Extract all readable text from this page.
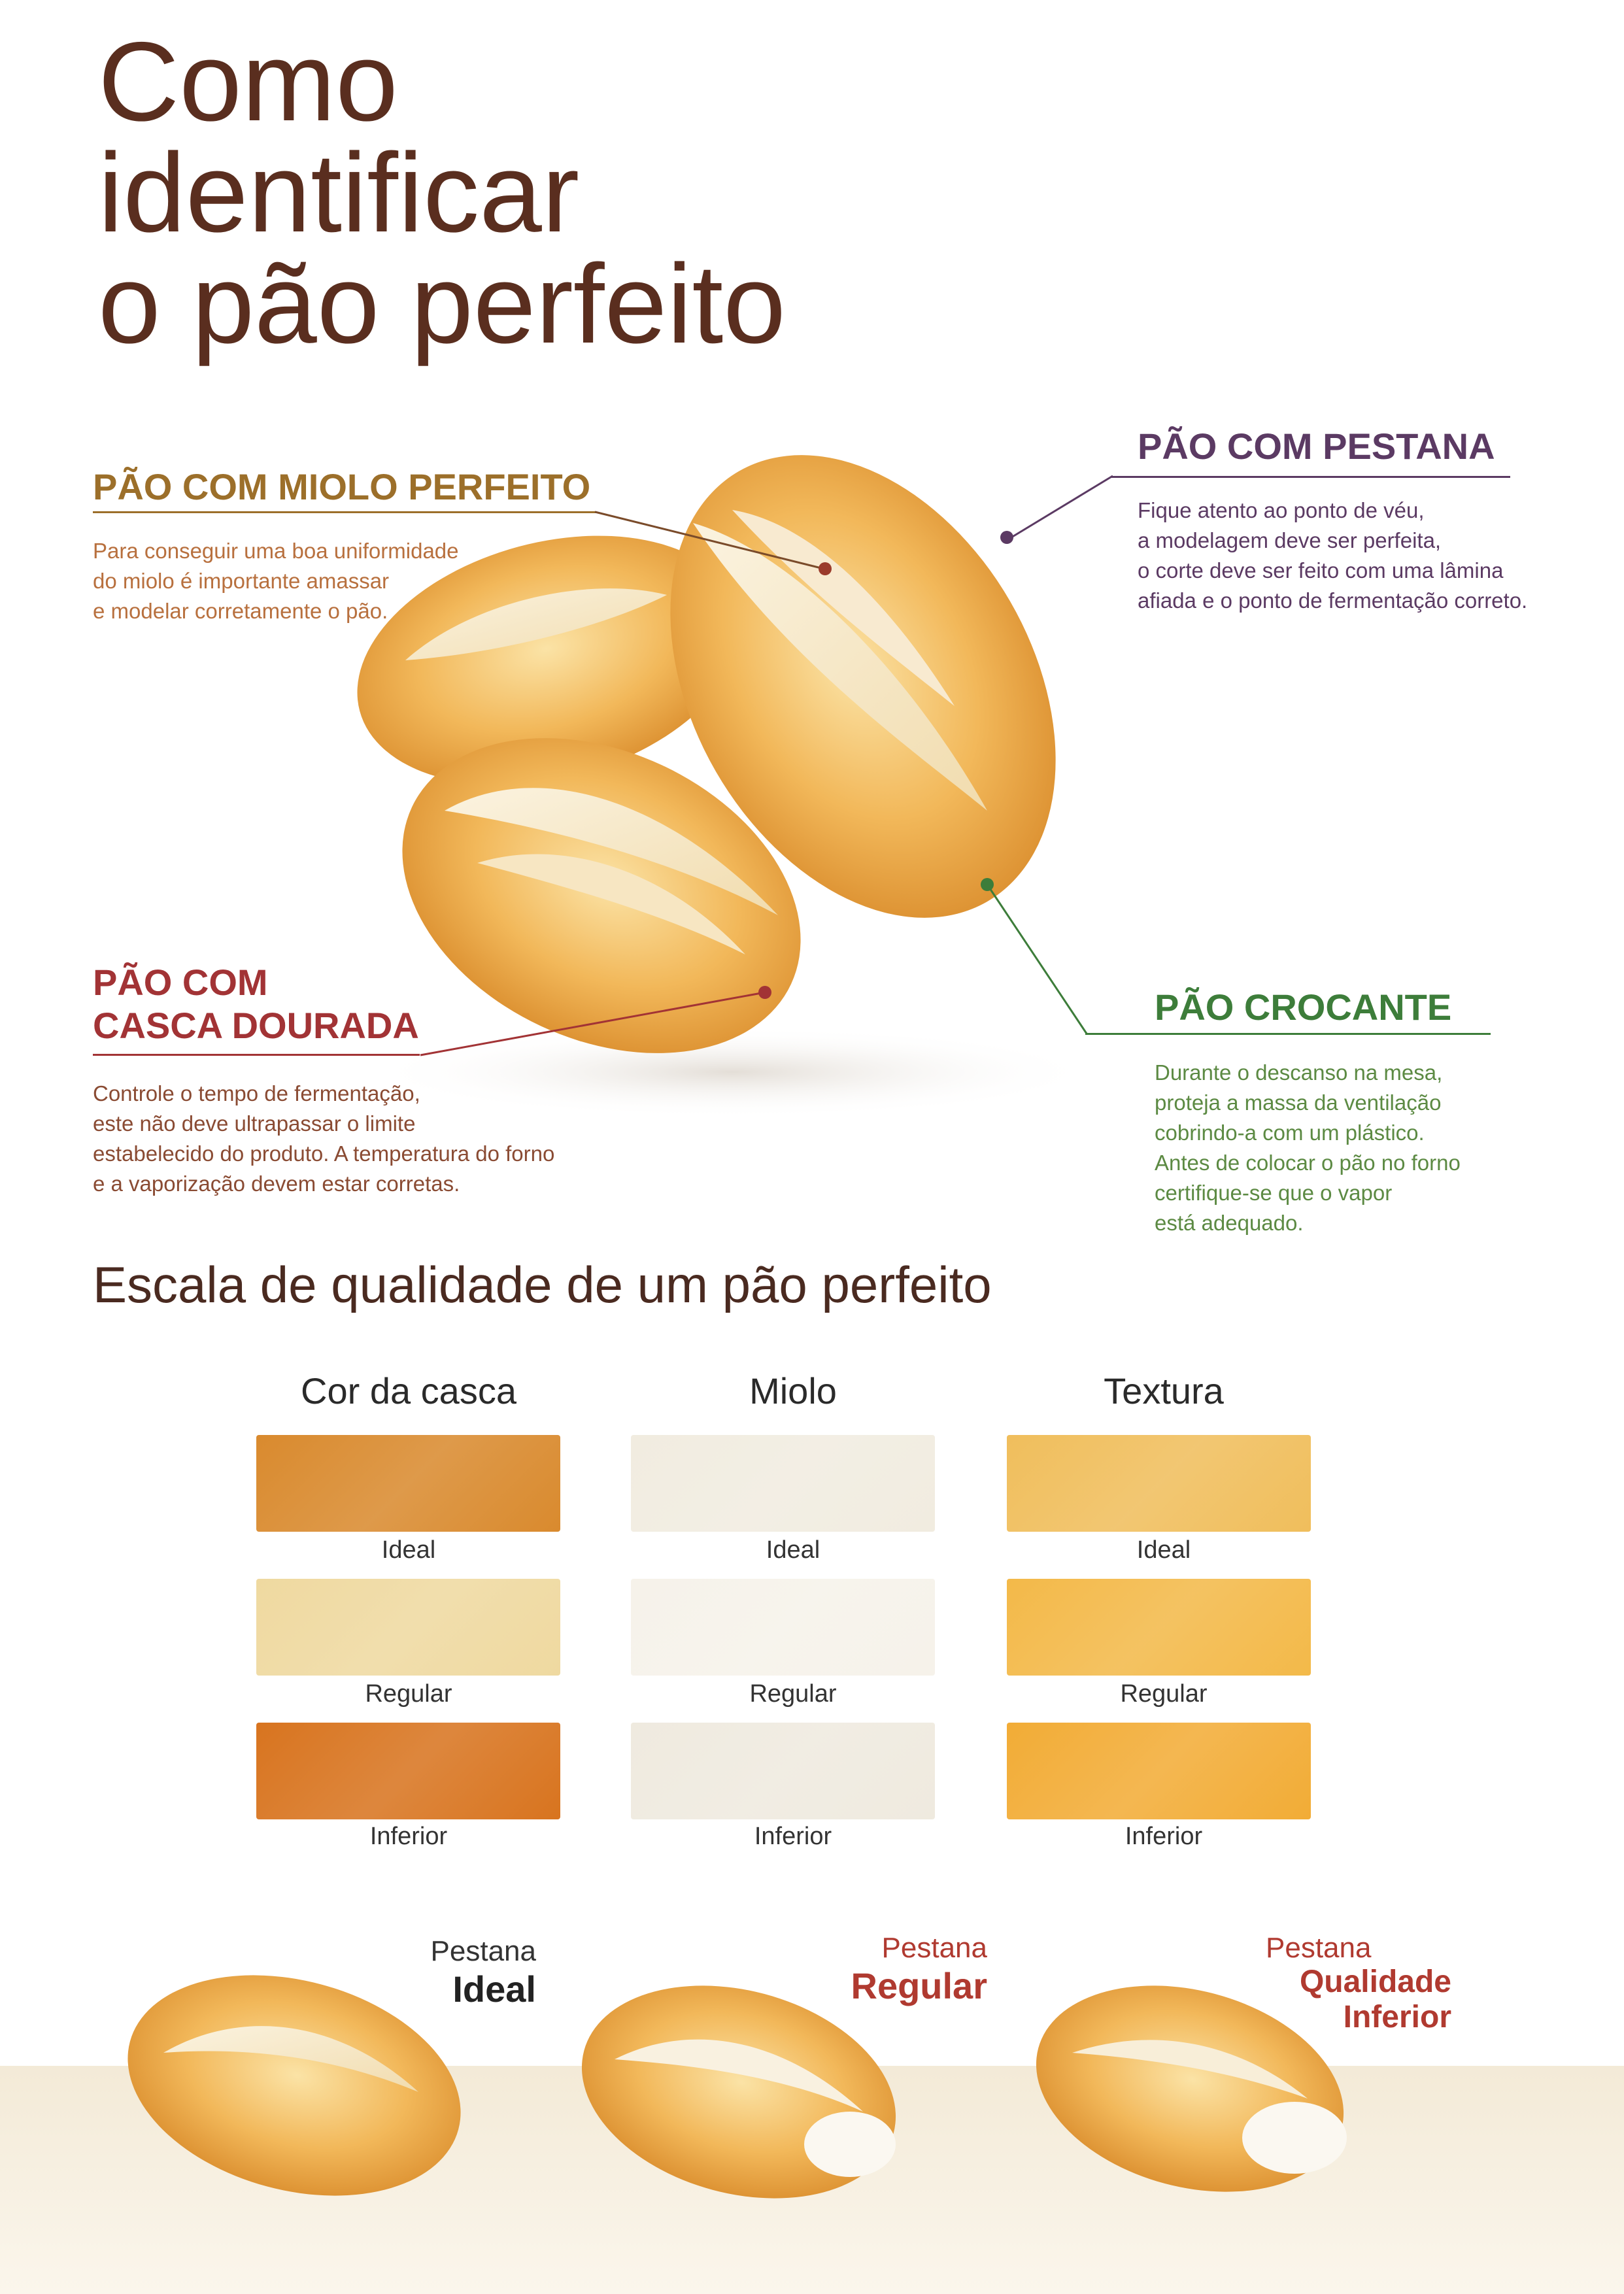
Como
identificar
o pão perfeito
PÃO COM MIOLO PERFEITO
Para conseguir uma boa uniformidade
do miolo é importante amassar
e modelar corretamente o pão.
PÃO COM PESTANA
Fique atento ao ponto de véu,
a modelagem deve ser perfeita,
o corte deve ser feito com uma lâmina
afiada e o ponto de fermentação correto.
PÃO COM
CASCA DOURADA
Controle o tempo de fermentação,
este não deve ultrapassar o limite
estabelecido do produto. A temperatura do forno
e a vaporização devem estar corretas.
PÃO CROCANTE
Durante o descanso na mesa,
proteja a massa da ventilação
cobrindo-a com um plástico.
Antes de colocar o pão no forno
certifique-se que o vapor
está adequado.
Escala de qualidade de um pão perfeito
Cor da casca
Ideal
Regular
Inferior
Miolo
Ideal
Regular
Inferior
Textura
Ideal
Regular
Inferior
Pestana
Ideal
Pestana
Regular
Pestana
Qualidade
Inferior
